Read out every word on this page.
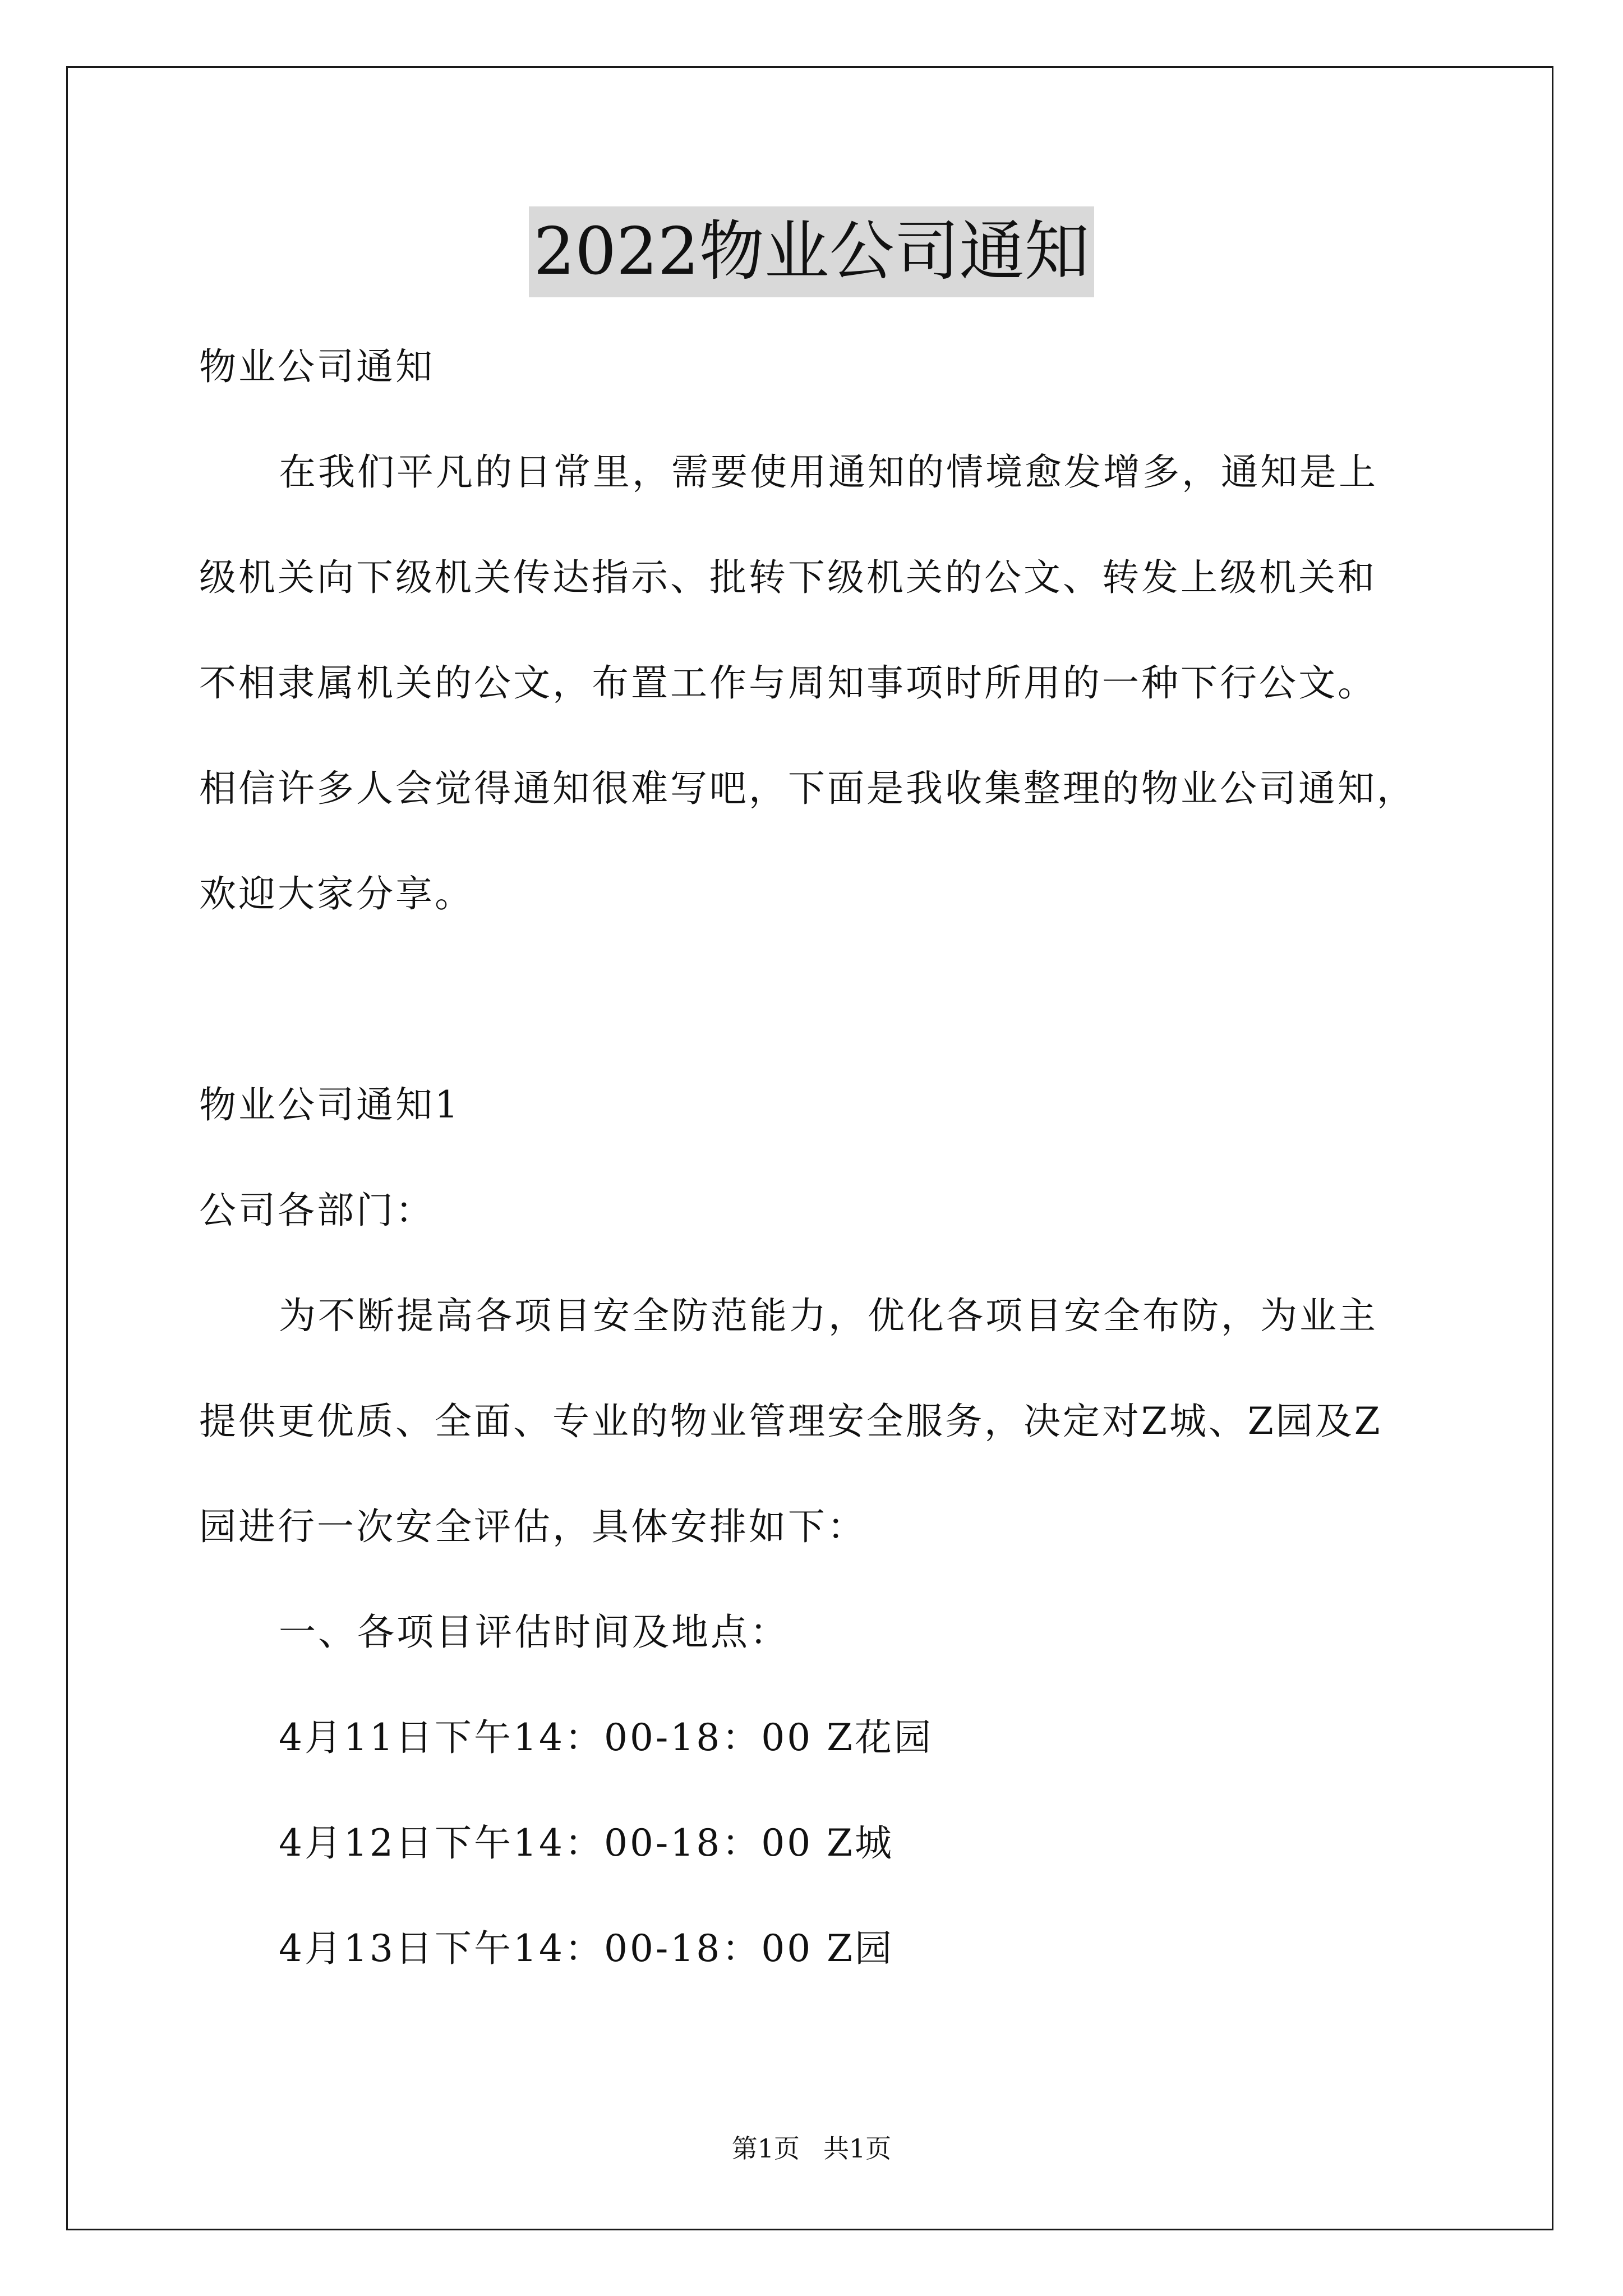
2022物业公司通知
物业公司通知
在我们平凡的日常里，需要使用通知的情境愈发增多，通知是上
级机关向下级机关传达指示、批转下级机关的公文、转发上级机关和
不相隶属机关的公文，布置工作与周知事项时所用的一种下行公文。
相信许多人会觉得通知很难写吧，下面是我收集整理的物业公司通知，
欢迎大家分享。
物业公司通知1
公司各部门：
为不断提高各项目安全防范能力，优化各项目安全布防，为业主
提供更优质、全面、专业的物业管理安全服务，决定对Z城、Z园及Z
园进行一次安全评估，具体安排如下：
一、各项目评估时间及地点：
4月11日下午14：00-18：00 Z花园
4月12日下午14：00-18：00 Z城
4月13日下午14：00-18：00 Z园
第1页 共1页
